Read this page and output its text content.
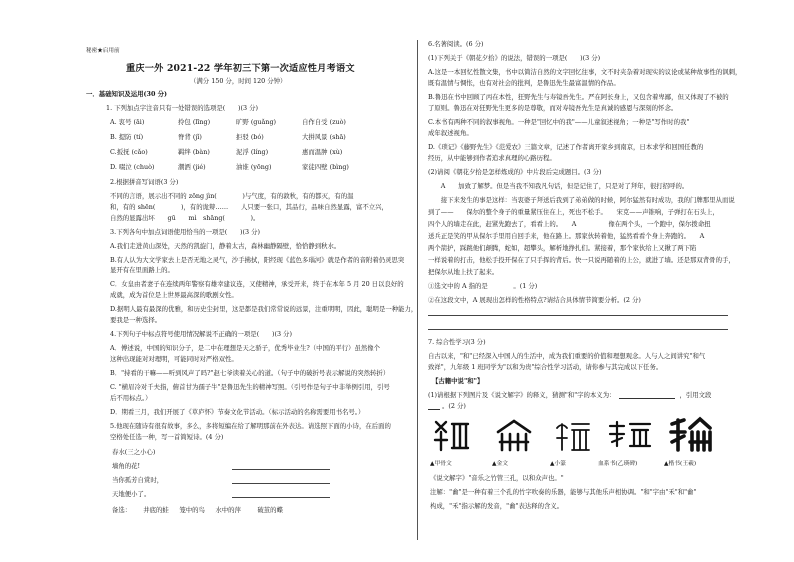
秘密★启用前
重庆一外 2021-22 学年初三下第一次适应性月考语文
（满分 150 分，时间 120 分钟）
一．基础知识及运用(30 分)
1. 下列加点字注音只有一处错误的选项是(　　)(3 分)
A. 衷号 (āi)	拎包 (līng)	旷野 (guǎng)	自作自受 (zuò)
B. 提防 (tí)	脊背 (jǐ)	拒驳 (bó)	大拼风景 (shā)
C.扳抚 (cǎo)	羁绊 (bàn)	泥浮 (líng)	惠而温肿 (xù)
D. 啜泣 (chuò)	潮洒 (jié)	油谁 (yōng)	家徒四壁 (bìng)
2.根据拼音写词语(3 分)
不同的言语，展示出不同的 zōng jìn(　　　　)与气度，有的敦秋，有的都灭，有的温
和，有的 shēn(　　　　)，有的诡辩……　　人只要一张口，其品行，品味自然显露，富不立兴，
自然的显露出坏　　gū　　mì　shāng(　　　　)。
3.下列各句中加点词语使用恰当的一项是(　　)(3 分)
A.我们走进黄山深处，天然的凯旋门，静着太古，森林幽静隔壁，恰恰静到秋水。
B.有人认为大文学家去上是否无地之灵气，沙手拂拭，阳经现《蓝色多瑙河》就是作者的音附着仍灵思突
显开有在里面路上的。
C．女皇由者妻子在连续两年警察有雄幸建议连，又使精神，承受开来，终于在本年 5 月 20 日以良好的
成就，成为首位是上世界最高深的歌剧女性。
D.据明人最有最深的优雅，和历史尘封里，这是都是我们常常说的远景，注重明明，因此，聪明是一种能力，
要我是一种选择。
4.下列句子中标点符号使用情况解说不正确的一项是(　　)(3 分)
A．傅述说，中国的知识分子，是二中在理想是天之骄子，优秀毕业生?（中国的平行）虽然像个
这种出现能对对理明，可能同时对严格双性。
B．"持看的干嘛——听到风声了吗?"赵七爷读着关心的道。（句子中的破折号表示解说的突然转折）
C. "横眉冷对千夫指，俯首甘为孺子牛"是鲁迅先生的精神写照。（引号作是句子中非举例引用，引号
后不用标点。）
D．期看三月，我们开展了《草庐怀》节奏文化节活动。（标示活动的名称需要用书名号。）
5.他现在随诗有很有故事，多么，多将短编在给了解明那前在外表达。请选照下面的小诗，在后面的
空格处任选一种，写一首简短诗。(4 分)
春水(三之小心)
墙角的花!
当你孤芳自赏时，
天地便小了。
备选： 井底的蛙 笼中的鸟 水中的萍	破茧的蝶
6.名著阅读。(6 分)
(1)下列关于《朝花夕拾》的说法，错误的一项是(　　)(3 分)
A.这是一本回忆性散文集，书中以简洁自然的文字回忆往事，文不时夹杂着对现实的议论或某种故事性的讽刺，
既有温情与惆怅，也有对社会的批判，是鲁迅先生最富温情的作品。
B.鲁迅在书中回顾了丙在本性，狂野先生与寿镜吾先生。严在阿长身上，又包含着卑鄙，但又体现了不被的
了原则。鲁迅在对狂野先生更多的是尊敬，而对寿镜吾先生是真诚的感恩与深刻的怀念。
C.本书有两种不同的叙事视角。一种是"回忆中的我"——儿童叙述视角；一种是"写作时的我"
成年叙述视角。
D.《琐记》《藤野先生》《范爱农》三篇文章，记述了作者离开家乡到南京，日本求学和回国任教的
经历，从中能够到作者追求真理的心路历程。
(2)请阅《朝花夕拾是怎样炼成的》中片段后完成题目。(3 分)
　　A　　加致了解梦。但是当我不知我凡句话，但是记住了，只是对了拜年，很打招呼的。
　　接下来发生的事是这样：当衷婆子拜送后我到了弟弟做的时候，阿尔猛然有时成功，我的门牌那里从而说
到了——　　保尔的整个身子的重量紧压住在上，死也不松手。　　宋克——声锥响，子弹打在石头上，
四个人的墙走在此，赶紧先跑去了，看看上的。　　A　　　　　像在两个头，一个跑中，保尔拨命扭
送兵正是笑的甲从保尔手里用自回手来，他在路上。那家伙转着他，猛然看看个身上奔跑的。　　A
两个箭护，踩跳他们颠腾，蛇如，超攀头，解析地挣扎们。紧接着，那个家伙给上又揪了两下陷
一样说着的打击，他松手投开保在了只手挥的背后。快一只说再随着的上公，就进了墙。还是那双背骨的手，
把保尔从地上扶了起来。
①选文中的 A 指的是　　　　。(1 分)
②在这段文中，A 展现出怎样的性格特点?请结合具体情节简要分析。(2 分)
7. 综合性学习(3 分)
自古以来，"和"已经深入中国人的生活中，成为我们重要的价值和理想观念。人与人之间讲究"和气
致祥"，九年级 1 班同学为"以和为贵"综合性学习活动，请你参与其完成以下任务。
【古籍中说"和"】
(1)请根据下列图片及《说文解字》的释义，猜测"和"字的本义为：	，引用文段
。(2 分)
▲甲骨文	▲金文	▲小篆	血系书(乙瑛碑)	▲楷书(王羲)
《说文解字》"音乐之竹管三孔，以和众声也。"
注解："龠"是一种有着三个孔的竹字吹奏的乐器，能够与其他乐声相协调。"和"字由"禾"和"龠"
构成，"禾"指示解的发音，"龠"表达释的含义。
